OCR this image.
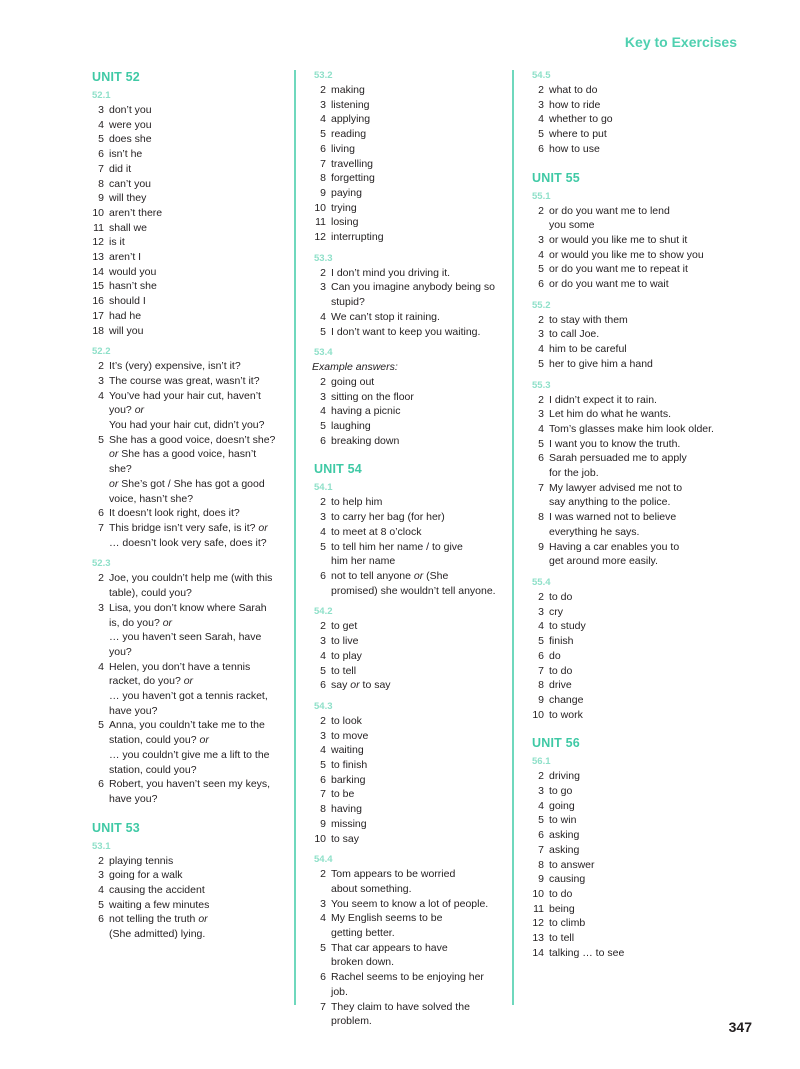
Key to Exercises
UNIT 52
52.1
3 don’t you
4 were you
5 does she
6 isn’t he
7 did it
8 can’t you
9 will they
10 aren’t there
11 shall we
12 is it
13 aren’t I
14 would you
15 hasn’t she
16 should I
17 had he
18 will you
52.2
2 It’s (very) expensive, isn’t it?
3 The course was great, wasn’t it?
4 You’ve had your hair cut, haven’t
you? or
You had your hair cut, didn’t you?
5 She has a good voice, doesn’t she?
or She has a good voice, hasn’t she?
or She’s got / She has got a good
voice, hasn’t she?
6 It doesn’t look right, does it?
7 This bridge isn’t very safe, is it? or
… doesn’t look very safe, does it?
52.3
2 Joe, you couldn’t help me (with this
table), could you?
3 Lisa, you don’t know where Sarah
is, do you? or
… you haven’t seen Sarah, have you?
4 Helen, you don’t have a tennis
racket, do you? or
… you haven’t got a tennis racket,
have you?
5 Anna, you couldn’t take me to the
station, could you? or
… you couldn’t give me a lift to the
station, could you?
6 Robert, you haven’t seen my keys,
have you?
UNIT 53
53.1
2 playing tennis
3 going for a walk
4 causing the accident
5 waiting a few minutes
6 not telling the truth or
(She admitted) lying.
53.2
2 making
3 listening
4 applying
5 reading
6 living
7 travelling
8 forgetting
9 paying
10 trying
11 losing
12 interrupting
53.3
2 I don’t mind you driving it.
3 Can you imagine anybody being so
stupid?
4 We can’t stop it raining.
5 I don’t want to keep you waiting.
53.4
Example answers:
2 going out
3 sitting on the floor
4 having a picnic
5 laughing
6 breaking down
UNIT 54
54.1
2 to help him
3 to carry her bag (for her)
4 to meet at 8 o’clock
5 to tell him her name / to give
him her name
6 not to tell anyone or (She
promised) she wouldn’t tell anyone.
54.2
2 to get
3 to live
4 to play
5 to tell
6 say or to say
54.3
2 to look
3 to move
4 waiting
5 to finish
6 barking
7 to be
8 having
9 missing
10 to say
54.4
2 Tom appears to be worried
about something.
3 You seem to know a lot of people.
4 My English seems to be
getting better.
5 That car appears to have
broken down.
6 Rachel seems to be enjoying her job.
7 They claim to have solved the problem.
54.5
2 what to do
3 how to ride
4 whether to go
5 where to put
6 how to use
UNIT 55
55.1
2 or do you want me to lend
you some
3 or would you like me to shut it
4 or would you like me to show you
5 or do you want me to repeat it
6 or do you want me to wait
55.2
2 to stay with them
3 to call Joe.
4 him to be careful
5 her to give him a hand
55.3
2 I didn’t expect it to rain.
3 Let him do what he wants.
4 Tom’s glasses make him look older.
5 I want you to know the truth.
6 Sarah persuaded me to apply
for the job.
7 My lawyer advised me not to
say anything to the police.
8 I was warned not to believe
everything he says.
9 Having a car enables you to
get around more easily.
55.4
2 to do
3 cry
4 to study
5 finish
6 do
7 to do
8 drive
9 change
10 to work
UNIT 56
56.1
2 driving
3 to go
4 going
5 to win
6 asking
7 asking
8 to answer
9 causing
10 to do
11 being
12 to climb
13 to tell
14 talking … to see
347
